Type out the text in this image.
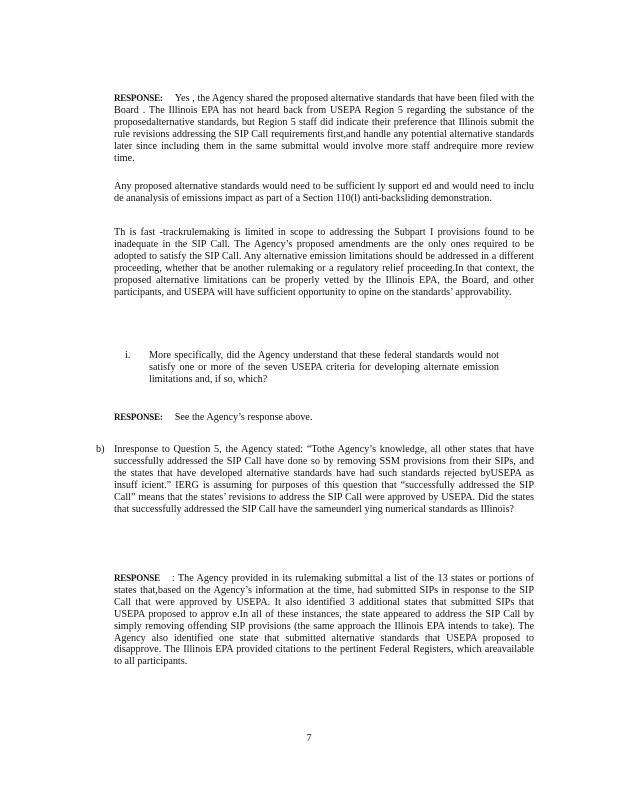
RESPONSE: Yes , the Agency shared the proposed alternative standards that have been filed with the Board . The Illinois EPA has not heard back from USEPA Region 5 regarding the substance of the proposedalternative standards, but Region 5 staff did indicate their preference that Illinois submit the rule revisions addressing the SIP Call requirements first,and handle any potential alternative standards later since including them in the same submittal would involve more staff andrequire more review time.

Any proposed alternative standards would need to be sufficient ly support ed and would need to inclu de ananalysis of emissions impact as part of a Section 110(l) anti-backsliding demonstration.

Th is fast -trackrulemaking is limited in scope to addressing the Subpart I provisions found to be inadequate in the SIP Call. The Agency’s proposed amendments are the only ones required to be adopted to satisfy the SIP Call. Any alternative emission limitations should be addressed in a different proceeding, whether that be another rulemaking or a regulatory relief proceeding.In that context, the proposed alternative limitations can be properly vetted by the Illinois EPA, the Board, and other participants, and USEPA will have sufficient opportunity to opine on the standards’ approvability.

i.	More specifically, did the Agency understand that these federal standards would not satisfy one or more of the seven USEPA criteria for developing alternate emission limitations and, if so, which?

RESPONSE: See the Agency’s response above.

b) Inresponse to Question 5, the Agency stated: “Tothe Agency’s knowledge, all other states that have successfully addressed the SIP Call have done so by removing SSM provisions from their SIPs, and the states that have developed alternative standards have had such standards rejected byUSEPA as insuff icient.” IERG is assuming for purposes of this question that “successfully addressed the SIP Call” means that the states’ revisions to address the SIP Call were approved by USEPA. Did the states that successfully addressed the SIP Call have the sameunderl ying numerical standards as Illinois?

RESPONSE : The Agency provided in its rulemaking submittal a list of the 13 states or portions of states that,based on the Agency’s information at the time, had submitted SIPs in response to the SIP Call that were approved by USEPA. It also identified 3 additional states that submitted SIPs that USEPA proposed to approv e.In all of these instances, the state appeared to address the SIP Call by simply removing offending SIP provisions (the same approach the Illinois EPA intends to take). The Agency also identified one state that submitted alternative standards that USEPA proposed to disapprove. The Illinois EPA provided citations to the pertinent Federal Registers, which areavailable to all participants.

7
